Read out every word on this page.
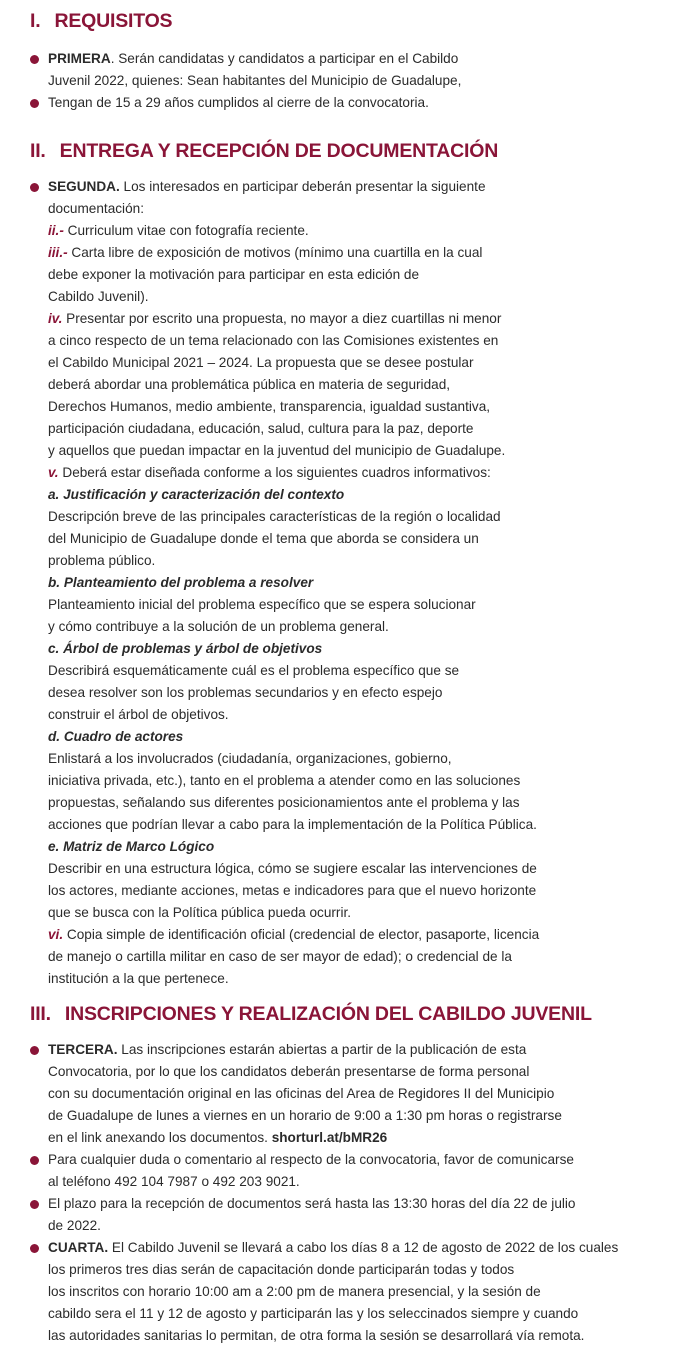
I. REQUISITOS
PRIMERA. Serán candidatas y candidatos a participar en el Cabildo
Juvenil 2022, quienes: Sean habitantes del Municipio de Guadalupe,
Tengan de 15 a 29 años cumplidos al cierre de la convocatoria.
II. ENTREGA Y RECEPCIÓN DE DOCUMENTACIÓN
SEGUNDA. Los interesados en participar deberán presentar la siguiente
documentación:
ii.- Curriculum vitae con fotografía reciente.
iii.- Carta libre de exposición de motivos (mínimo una cuartilla en la cual
debe exponer la motivación para participar en esta edición de
Cabildo Juvenil).
iv. Presentar por escrito una propuesta, no mayor a diez cuartillas ni menor
a cinco respecto de un tema relacionado con las Comisiones existentes en
el Cabildo Municipal 2021 – 2024. La propuesta que se desee postular
deberá abordar una problemática pública en materia de seguridad,
Derechos Humanos, medio ambiente, transparencia, igualdad sustantiva,
participación ciudadana, educación, salud, cultura para la paz, deporte
y aquellos que puedan impactar en la juventud del municipio de Guadalupe.
v. Deberá estar diseñada conforme a los siguientes cuadros informativos:
a. Justificación y caracterización del contexto
Descripción breve de las principales características de la región o localidad
del Municipio de Guadalupe donde el tema que aborda se considera un
problema público.
b. Planteamiento del problema a resolver
Planteamiento inicial del problema específico que se espera solucionar
y cómo contribuye a la solución de un problema general.
c. Árbol de problemas y árbol de objetivos
Describirá esquemáticamente cuál es el problema específico que se
desea resolver son los problemas secundarios y en efecto espejo
construir el árbol de objetivos.
d. Cuadro de actores
Enlistará a los involucrados (ciudadanía, organizaciones, gobierno,
iniciativa privada, etc.), tanto en el problema a atender como en las soluciones
propuestas, señalando sus diferentes posicionamientos ante el problema y las
acciones que podrían llevar a cabo para la implementación de la Política Pública.
e. Matriz de Marco Lógico
Describir en una estructura lógica, cómo se sugiere escalar las intervenciones de
los actores, mediante acciones, metas e indicadores para que el nuevo horizonte
que se busca con la Política pública pueda ocurrir.
vi. Copia simple de identificación oficial (credencial de elector, pasaporte, licencia
de manejo o cartilla militar en caso de ser mayor de edad); o credencial de la
institución a la que pertenece.
III. INSCRIPCIONES Y REALIZACIÓN DEL CABILDO JUVENIL
TERCERA. Las inscripciones estarán abiertas a partir de la publicación de esta
Convocatoria, por lo que los candidatos deberán presentarse de forma personal
con su documentación original en las oficinas del Area de Regidores II del Municipio
de Guadalupe de lunes a viernes en un horario de 9:00 a 1:30 pm horas o registrarse
en el link anexando los documentos. shorturl.at/bMR26
Para cualquier duda o comentario al respecto de la convocatoria, favor de comunicarse
al teléfono 492 104 7987 o 492 203 9021.
El plazo para la recepción de documentos será hasta las 13:30 horas del día 22 de julio
de 2022.
CUARTA. El Cabildo Juvenil se llevará a cabo los días 8 a 12 de agosto de 2022 de los cuales
los primeros tres dias serán de capacitación donde participarán todas y todos
los inscritos con horario 10:00 am a 2:00 pm de manera presencial, y la sesión de
cabildo sera el 11 y 12 de agosto y participarán las y los seleccinados siempre y cuando
las autoridades sanitarias lo permitan, de otra forma la sesión se desarrollará vía remota.
